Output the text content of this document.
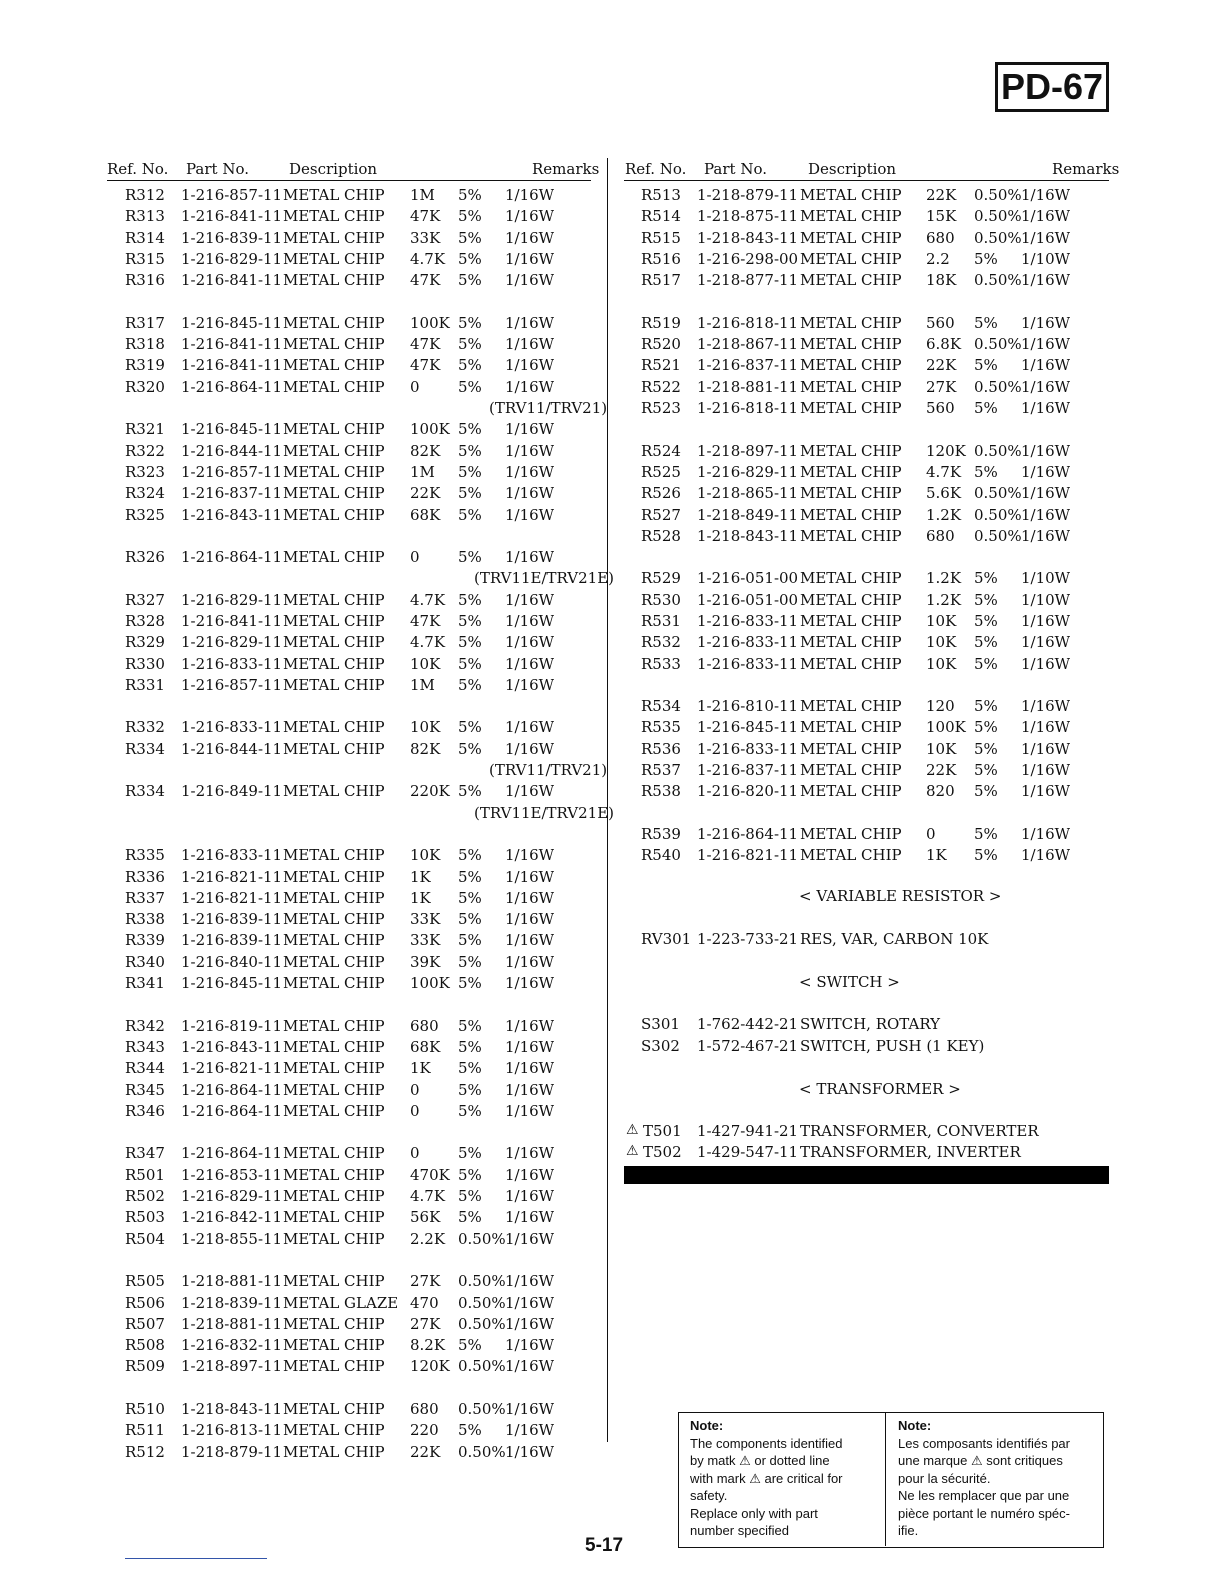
PD-67
Ref. No. Part No.	Description	Remarks Ref. No. Part No.	Description	Remarks
R312 1-216-857-11 METAL CHIP 1M 5% 1/16W
R313 1-216-841-11 METAL CHIP 47K 5% 1/16W
R314 1-216-839-11 METAL CHIP 33K 5% 1/16W
R315 1-216-829-11 METAL CHIP 4.7K 5% 1/16W
R316 1-216-841-11 METAL CHIP 47K 5% 1/16W
R317 1-216-845-11 METAL CHIP 100K 5% 1/16W
R318 1-216-841-11 METAL CHIP 47K 5% 1/16W
R319 1-216-841-11 METAL CHIP 47K 5% 1/16W
R320 1-216-864-11 METAL CHIP 0	5% 1/16W
(TRV11/TRV21)
R321 1-216-845-11 METAL CHIP 100K 5% 1/16W
R322 1-216-844-11 METAL CHIP 82K 5% 1/16W
R323 1-216-857-11 METAL CHIP 1M 5% 1/16W
R324 1-216-837-11 METAL CHIP 22K 5% 1/16W
R325 1-216-843-11 METAL CHIP 68K 5% 1/16W
R326 1-216-864-11 METAL CHIP 0	5% 1/16W
(TRV11E/TRV21E)
R327 1-216-829-11 METAL CHIP 4.7K 5% 1/16W
R328 1-216-841-11 METAL CHIP 47K 5% 1/16W
R329 1-216-829-11 METAL CHIP 4.7K 5% 1/16W
R330 1-216-833-11 METAL CHIP 10K 5% 1/16W
R331 1-216-857-11 METAL CHIP 1M 5% 1/16W
R332 1-216-833-11 METAL CHIP 10K 5% 1/16W
R334 1-216-844-11 METAL CHIP 82K 5% 1/16W
(TRV11/TRV21)
R334 1-216-849-11 METAL CHIP 220K 5% 1/16W
(TRV11E/TRV21E)
R335 1-216-833-11 METAL CHIP 10K 5% 1/16W
R336 1-216-821-11 METAL CHIP 1K 5% 1/16W
R337 1-216-821-11 METAL CHIP 1K 5% 1/16W
R338 1-216-839-11 METAL CHIP 33K 5% 1/16W
R339 1-216-839-11 METAL CHIP 33K 5% 1/16W
R340 1-216-840-11 METAL CHIP 39K 5% 1/16W
R341 1-216-845-11 METAL CHIP 100K 5% 1/16W
R342 1-216-819-11 METAL CHIP 680 5% 1/16W
R343 1-216-843-11 METAL CHIP 68K 5% 1/16W
R344 1-216-821-11 METAL CHIP 1K 5% 1/16W
R345 1-216-864-11 METAL CHIP 0	5% 1/16W
R346 1-216-864-11 METAL CHIP 0	5% 1/16W
R347 1-216-864-11 METAL CHIP 0	5% 1/16W
R501 1-216-853-11 METAL CHIP 470K 5% 1/16W
R502 1-216-829-11 METAL CHIP 4.7K 5% 1/16W
R503 1-216-842-11 METAL CHIP 56K 5% 1/16W
R504 1-218-855-11 METAL CHIP 2.2K 0.50% 1/16W
R505 1-218-881-11 METAL CHIP 27K 0.50% 1/16W
R506 1-218-839-11 METAL GLAZE 470 0.50% 1/16W
R507 1-218-881-11 METAL CHIP 27K 0.50% 1/16W
R508 1-216-832-11 METAL CHIP 8.2K 5% 1/16W
R509 1-218-897-11 METAL CHIP 120K 0.50% 1/16W
R510 1-218-843-11 METAL CHIP 680 0.50% 1/16W
R511 1-216-813-11 METAL CHIP 220 5% 1/16W
R512 1-218-879-11 METAL CHIP 22K 0.50% 1/16W
R513 1-218-879-11 METAL CHIP 22K 0.50% 1/16W
R514 1-218-875-11 METAL CHIP 15K 0.50% 1/16W
R515 1-218-843-11 METAL CHIP 680 0.50% 1/16W
R516 1-216-298-00 METAL CHIP 2.2 5% 1/10W
R517 1-218-877-11 METAL CHIP 18K 0.50% 1/16W
R519 1-216-818-11 METAL CHIP 560 5% 1/16W
R520 1-218-867-11 METAL CHIP 6.8K 0.50% 1/16W
R521 1-216-837-11 METAL CHIP 22K 5% 1/16W
R522 1-218-881-11 METAL CHIP 27K 0.50% 1/16W
R523 1-216-818-11 METAL CHIP 560 5% 1/16W
R524 1-218-897-11 METAL CHIP 120K 0.50% 1/16W
R525 1-216-829-11 METAL CHIP 4.7K 5% 1/16W
R526 1-218-865-11 METAL CHIP 5.6K 0.50% 1/16W
R527 1-218-849-11 METAL CHIP 1.2K 0.50% 1/16W
R528 1-218-843-11 METAL CHIP 680 0.50% 1/16W
R529 1-216-051-00 METAL CHIP 1.2K 5% 1/10W
R530 1-216-051-00 METAL CHIP 1.2K 5% 1/10W
R531 1-216-833-11 METAL CHIP 10K 5% 1/16W
R532 1-216-833-11 METAL CHIP 10K 5% 1/16W
R533 1-216-833-11 METAL CHIP 10K 5% 1/16W
R534 1-216-810-11 METAL CHIP 120 5% 1/16W
R535 1-216-845-11 METAL CHIP 100K 5% 1/16W
R536 1-216-833-11 METAL CHIP 10K 5% 1/16W
R537 1-216-837-11 METAL CHIP 22K 5% 1/16W
R538 1-216-820-11 METAL CHIP 820 5% 1/16W
R539 1-216-864-11 METAL CHIP 0	5% 1/16W
R540 1-216-821-11 METAL CHIP 1K 5% 1/16W
< VARIABLE RESISTOR >
RV301 1-223-733-21 RES, VAR, CARBON 10K
< SWITCH >
S301 1-762-442-21 SWITCH, ROTARY
S302 1-572-467-21 SWITCH, PUSH (1 KEY)
< TRANSFORMER >
⚠ T501 1-427-941-21 TRANSFORMER, CONVERTER
⚠ T502 1-429-547-11 TRANSFORMER, INVERTER
Note:
The components identified
by matk ⚠ or dotted line
with mark ⚠ are critical for
safety.
Replace only with part
number specified
Note:
Les composants identifiés par
une marque ⚠ sont critiques
pour la sécurité.
Ne les remplacer que par une
pièce portant le numéro spéc-
ifie.
5-17
